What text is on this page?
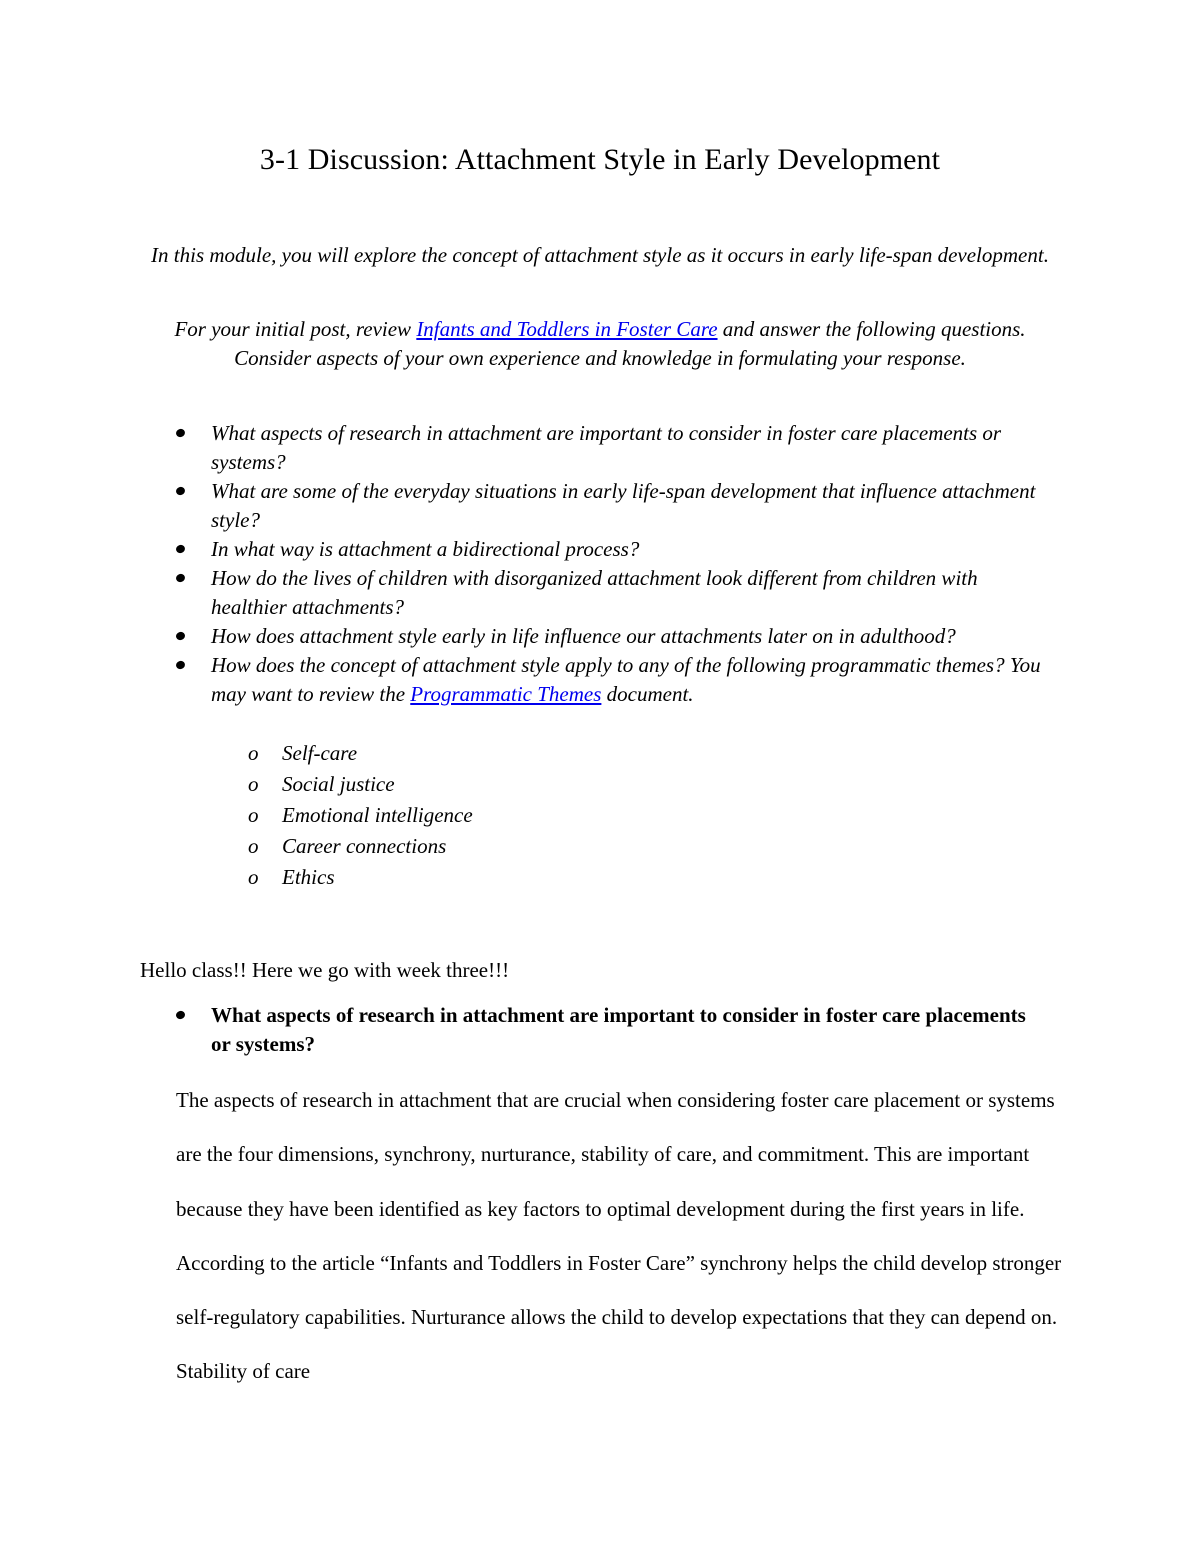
3-1 Discussion: Attachment Style in Early Development

In this module, you will explore the concept of attachment style as it occurs in early life-span development.

For your initial post, review Infants and Toddlers in Foster Care and answer the following questions. Consider aspects of your own experience and knowledge in formulating your response.

What aspects of research in attachment are important to consider in foster care placements or systems?
What are some of the everyday situations in early life-span development that influence attachment style?
In what way is attachment a bidirectional process?
How do the lives of children with disorganized attachment look different from children with healthier attachments?
How does attachment style early in life influence our attachments later on in adulthood?
How does the concept of attachment style apply to any of the following programmatic themes? You may want to review the Programmatic Themes document.
o Self-care
o Social justice
o Emotional intelligence
o Career connections
o Ethics
Hello class!! Here we go with week three!!!
What aspects of research in attachment are important to consider in foster care placements or systems?

The aspects of research in attachment that are crucial when considering foster care placement or systems are the four dimensions, synchrony, nurturance, stability of care, and commitment. This are important because they have been identified as key factors to optimal development during the first years in life. According to the article “Infants and Toddlers in Foster Care” synchrony helps the child develop stronger self-regulatory capabilities. Nurturance allows the child to develop expectations that they can depend on. Stability of care
